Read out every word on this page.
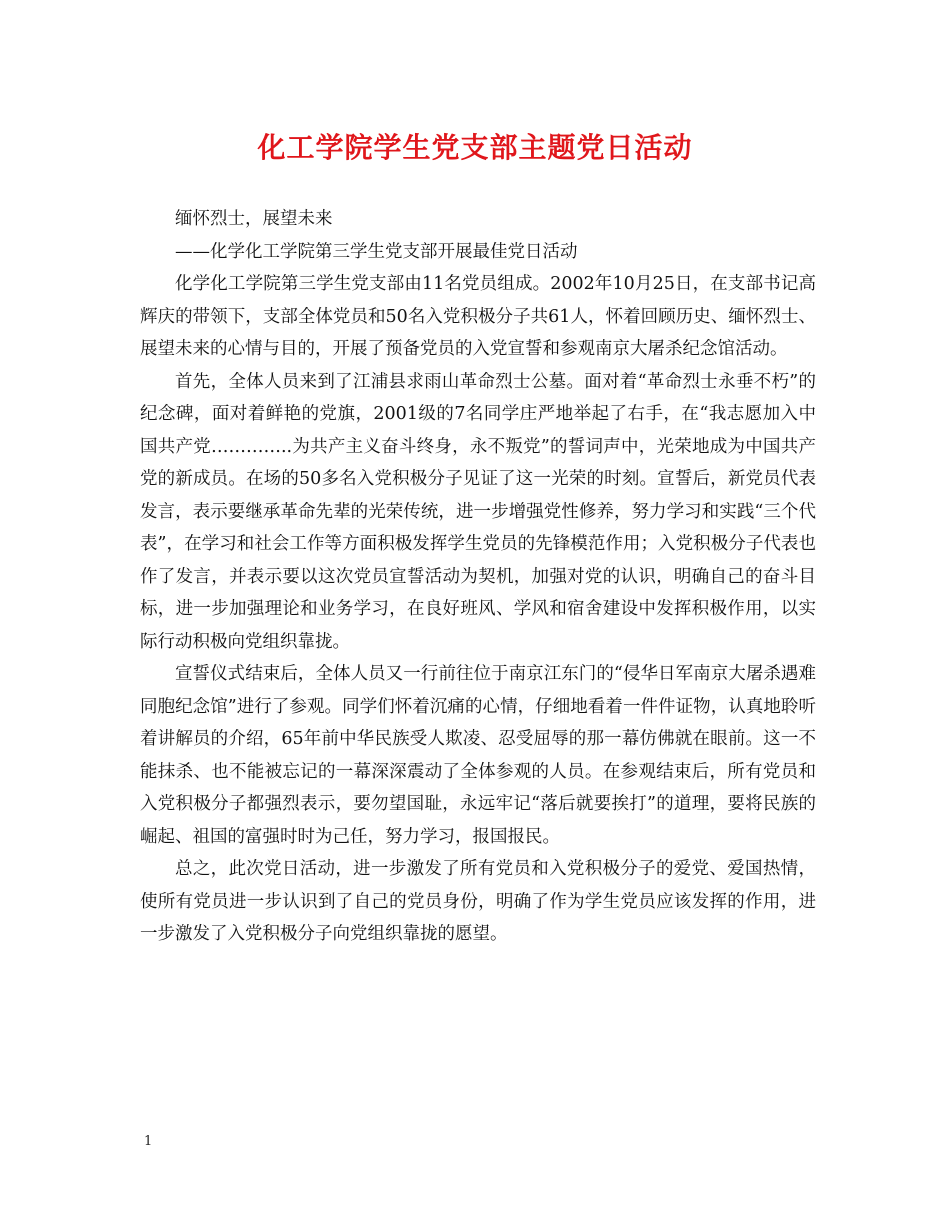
化工学院学生党支部主题党日活动

缅怀烈士，展望未来

——化学化工学院第三学生党支部开展最佳党日活动

化学化工学院第三学生党支部由11名党员组成。2002年10月25日，在支部书记高辉庆的带领下，支部全体党员和50名入党积极分子共61人，怀着回顾历史、缅怀烈士、展望未来的心情与目的，开展了预备党员的入党宣誓和参观南京大屠杀纪念馆活动。

首先，全体人员来到了江浦县求雨山革命烈士公墓。面对着“革命烈士永垂不朽”的纪念碑，面对着鲜艳的党旗，2001级的7名同学庄严地举起了右手，在“我志愿加入中国共产党…………..为共产主义奋斗终身，永不叛党”的誓词声中，光荣地成为中国共产党的新成员。在场的50多名入党积极分子见证了这一光荣的时刻。宣誓后，新党员代表发言，表示要继承革命先辈的光荣传统，进一步增强党性修养，努力学习和实践“三个代表”，在学习和社会工作等方面积极发挥学生党员的先锋模范作用；入党积极分子代表也作了发言，并表示要以这次党员宣誓活动为契机，加强对党的认识，明确自己的奋斗目标，进一步加强理论和业务学习，在良好班风、学风和宿舍建设中发挥积极作用，以实际行动积极向党组织靠拢。

宣誓仪式结束后，全体人员又一行前往位于南京江东门的“侵华日军南京大屠杀遇难同胞纪念馆”进行了参观。同学们怀着沉痛的心情，仔细地看着一件件证物，认真地聆听着讲解员的介绍，65年前中华民族受人欺凌、忍受屈辱的那一幕仿佛就在眼前。这一不能抹杀、也不能被忘记的一幕深深震动了全体参观的人员。在参观结束后，所有党员和入党积极分子都强烈表示，要勿望国耻，永远牢记“落后就要挨打”的道理，要将民族的崛起、祖国的富强时时为己任，努力学习，报国报民。

总之，此次党日活动，进一步激发了所有党员和入党积极分子的爱党、爱国热情，使所有党员进一步认识到了自己的党员身份，明确了作为学生党员应该发挥的作用，进一步激发了入党积极分子向党组织靠拢的愿望。

1
